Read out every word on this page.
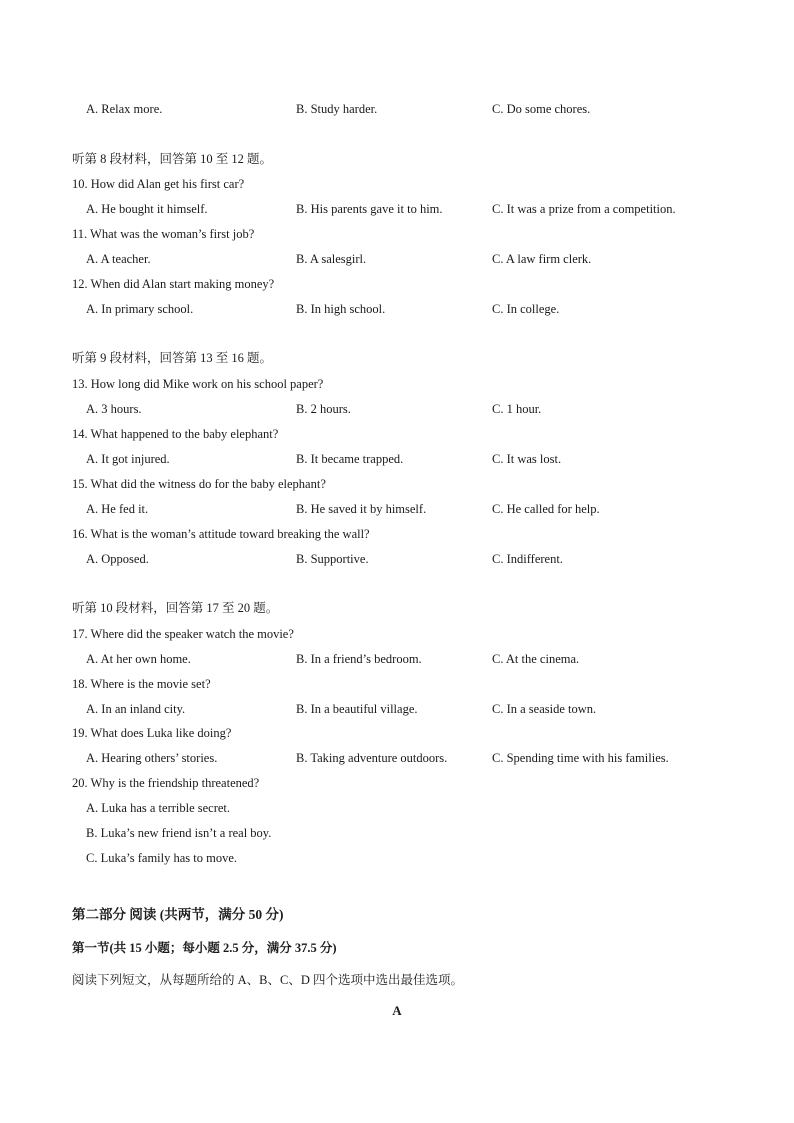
A. Relax more.	B. Study harder.	C. Do some chores.
听第 8 段材料，回答第 10 至 12 题。
10. How did Alan get his first car?
A. He bought it himself.	B. His parents gave it to him.	C. It was a prize from a competition.
11. What was the woman’s first job?
A. A teacher.	B. A salesgirl.	C. A law firm clerk.
12. When did Alan start making money?
A. In primary school.	B. In high school.	C. In college.
听第 9 段材料，回答第 13 至 16 题。
13. How long did Mike work on his school paper?
A. 3 hours.	B. 2 hours.	C. 1 hour.
14. What happened to the baby elephant?
A. It got injured.	B. It became trapped.	C. It was lost.
15. What did the witness do for the baby elephant?
A. He fed it.	B. He saved it by himself.	C. He called for help.
16. What is the woman’s attitude toward breaking the wall?
A. Opposed.	B. Supportive.	C. Indifferent.
听第 10 段材料，回答第 17 至 20 题。
17. Where did the speaker watch the movie?
A. At her own home.	B. In a friend’s bedroom.	C. At the cinema.
18. Where is the movie set?
A. In an inland city.	B. In a beautiful village.	C. In a seaside town.
19. What does Luka like doing?
A. Hearing others’ stories.	B. Taking adventure outdoors.	C. Spending time with his families.
20. Why is the friendship threatened?
A. Luka has a terrible secret.
B. Luka’s new friend isn’t a real boy.
C. Luka’s family has to move.
第二部分 阅读 (共两节，满分 50 分)
第一节(共 15 小题；每小题 2.5 分，满分 37.5 分)
阅读下列短文，从每题所给的 A、B、C、D 四个选项中选出最佳选项。
A
